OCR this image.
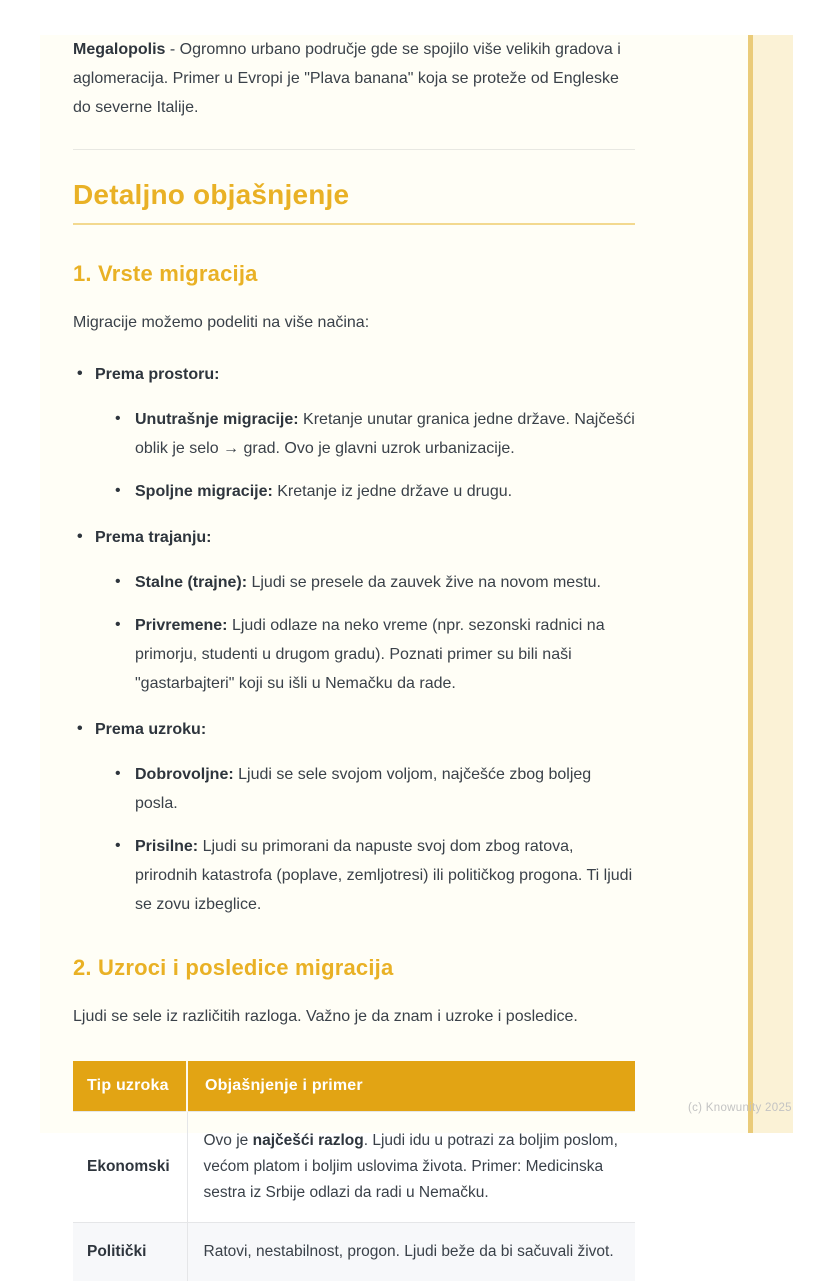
Megalopolis - Ogromno urbano područje gde se spojilo više velikih gradova i aglomeracija. Primer u Evropi je "Plava banana" koja se proteže od Engleske do severne Italije.

Detaljno objašnjenje
1. Vrste migracija

Migracije možemo podeliti na više načina:

• Prema prostoru:
• Unutrašnje migracije: Kretanje unutar granica jedne države. Najčešći oblik je selo → grad. Ovo je glavni uzrok urbanizacije.
• Spoljne migracije: Kretanje iz jedne države u drugu.
• Prema trajanju:
• Stalne (trajne): Ljudi se presele da zauvek žive na novom mestu.
• Privremene: Ljudi odlaze na neko vreme (npr. sezonski radnici na primorju, studenti u drugom gradu). Poznati primer su bili naši "gastarbajteri" koji su išli u Nemačku da rade.
• Prema uzroku:
• Dobrovoljne: Ljudi se sele svojom voljom, najčešće zbog boljeg posla.
• Prisilne: Ljudi su primorani da napuste svoj dom zbog ratova, prirodnih katastrofa (poplave, zemljotresi) ili političkog progona. Ti ljudi se zovu izbeglice.
2. Uzroci i posledice migracija

Ljudi se sele iz različitih razloga. Važno je da znam i uzroke i posledice.

Tip uzroka	Objašnjenje i primer
Ekonomski	Ovo je najčešći razlog. Ljudi idu u potrazi za boljim poslom, većom platom i boljim uslovima života. Primer: Medicinska sestra iz Srbije odlazi da radi u Nemačku.
Politički	Ratovi, nestabilnost, progon. Ljudi beže da bi sačuvali život.
(c) Knowunity 2025
